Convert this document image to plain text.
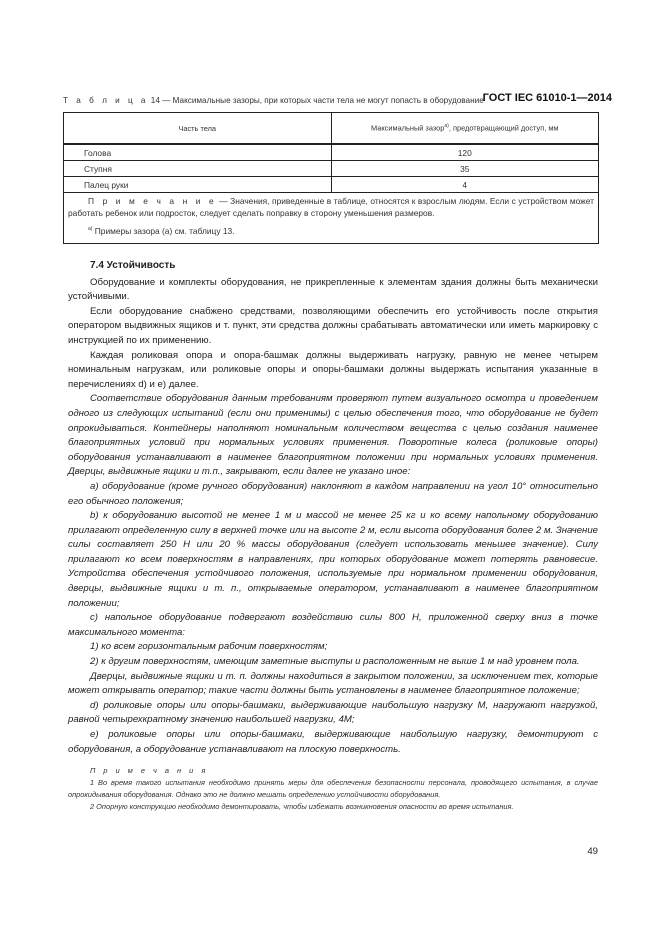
ГОСТ IEC 61010-1—2014
Т а б л и ц а 14 — Максимальные зазоры, при которых части тела не могут попасть в оборудование
Часть тела	Максимальный зазор$^{а)}$, предотвращающий доступ, мм
Голова	120
Ступня	35
Палец руки	4

П р и м е ч а н и е — Значения, приведенные в таблице, относятся к взрослым людям. Если с устройством может работать ребенок или подросток, следует сделать поправку в сторону уменьшения размеров.
$^{а)}$ Примеры зазора (a) см. таблицу 13.	
7.4 Устойчивость

Оборудование и комплекты оборудования, не прикрепленные к элементам здания должны быть механически устойчивыми.

Если оборудование снабжено средствами, позволяющими обеспечить его устойчивость после открытия оператором выдвижных ящиков и т. пункт, эти средства должны срабатывать автоматически или иметь маркировку с инструкцией по их применению.

Каждая роликовая опора и опора-башмак должны выдерживать нагрузку, равную не менее четырем номинальным нагрузкам, или роликовые опоры и опоры-башмаки должны выдержать испытания указанные в перечислениях d) и e) далее.

Соответствие оборудования данным требованиям проверяют путем визуального осмотра и проведением одного из следующих испытаний (если они применимы) с целью обеспечения того, что оборудование не будет опрокидываться. Контейнеры наполняют номинальным количеством вещества с целью создания наименее благоприятных условий при нормальных условиях применения. Поворотные колеса (роликовые опоры) оборудования устанавливают в наименее благоприятном положении при нормальных условиях применения. Дверцы, выдвижные ящики и т.п., закрывают, если далее не указано иное:

a) оборудование (кроме ручного оборудования) наклоняют в каждом направлении на угол 10° относительно его обычного положения;

b) к оборудованию высотой не менее 1 м и массой не менее 25 кг и ко всему напольному оборудованию прилагают определенную силу в верхней точке или на высоте 2 м, если высота оборудования более 2 м. Значение силы составляет 250 Н или 20 % массы оборудования (следует использовать меньшее значение). Силу прилагают ко всем поверхностям в направлениях, при которых оборудование может потерять равновесие. Устройства обеспечения устойчивого положения, используемые при нормальном применении оборудования, дверцы, выдвижные ящики и т. п., открываемые оператором, устанавливают в наименее благоприятном положении;

c) напольное оборудование подвергают воздействию силы 800 Н, приложенной сверху вниз в точке максимального момента:

1) ко всем горизонтальным рабочим поверхностям;

2) к другим поверхностям, имеющим заметные выступы и расположенным не выше 1 м над уровнем пола.

Дверцы, выдвижные ящики и т. п. должны находиться в закрытом положении, за исключением тех, которые может открывать оператор; такие части должны быть установлены в наименее благоприятное положение;

d) роликовые опоры или опоры-башмаки, выдерживающие наибольшую нагрузку М, нагружают нагрузкой, равной четырехкратному значению наибольшей нагрузки, 4М;

e) роликовые опоры или опоры-башмаки, выдерживающие наибольшую нагрузку, демонтируют с оборудования, а оборудование устанавливают на плоскую поверхность.

П р и м е ч а н и я

1 Во время такого испытания необходимо принять меры для обеспечения безопасности персонала, проводящего испытания, в случае опрокидывания оборудования. Однако это не должно мешать определению устойчивости оборудования.

2 Опорную конструкцию необходимо демонтировать, чтобы избежать возникновения опасности во время испытания.

49
